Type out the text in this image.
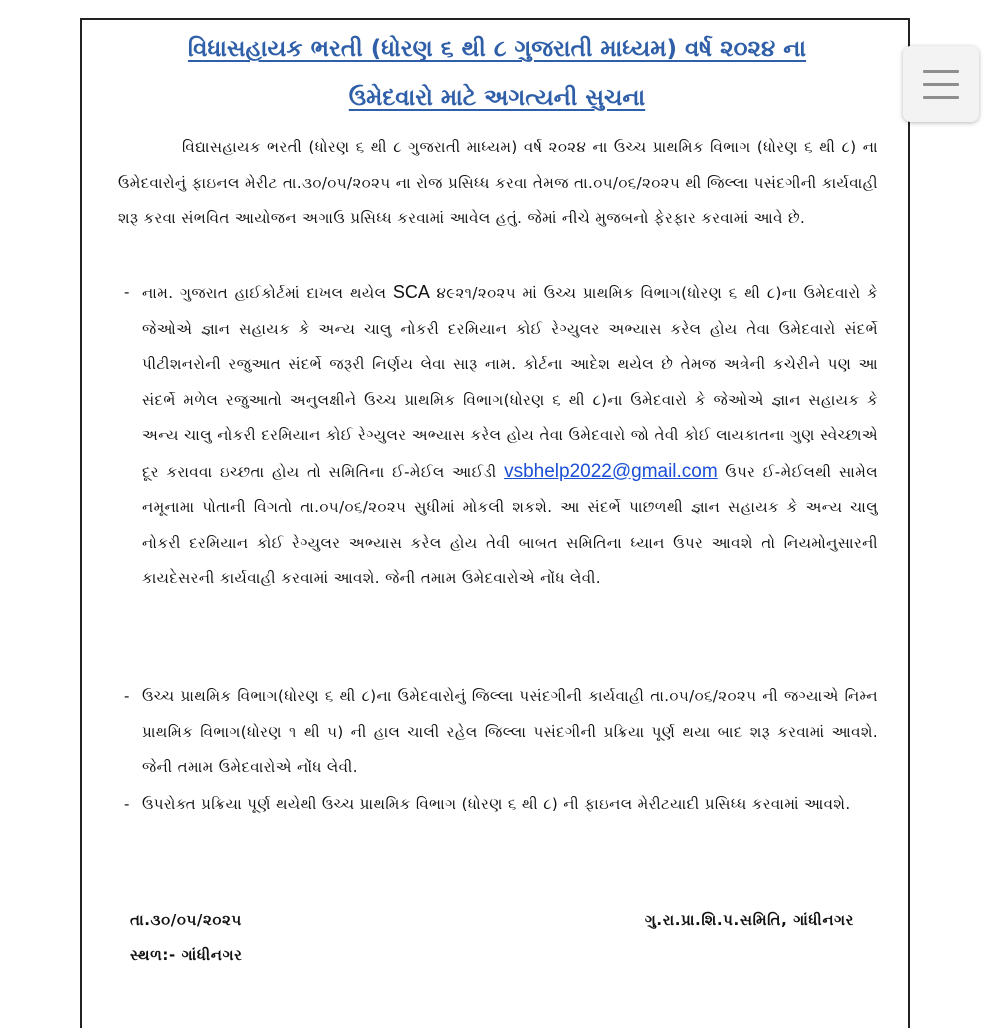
વિધાસહાયક ભરતી (ધોરણ ૬ થી ૮ ગુજરાતી માધ્યમ) વર્ષ ૨૦૨૪ ના
ઉમેદવારો માટે અગત્યની સુચના
વિદ્યાસહાયક ભરતી (ધોરણ ૬ થી ૮ ગુજરાતી માધ્યમ) વર્ષ ૨૦૨૪ ના ઉચ્ચ પ્રાથમિક વિભાગ (ધોરણ ૬ થી ૮) ના ઉમેદવારોનું ફાઇનલ મેરીટ તા.૩૦/૦૫/૨૦૨૫ ના રોજ પ્રસિધ્ધ કરવા તેમજ તા.૦૫/૦૬/૨૦૨૫ થી જિલ્લા પસંદગીની કાર્યવાહી શરૂ કરવા સંભવિત આયોજન અગાઉ પ્રસિધ્ધ કરવામાં આવેલ હતું. જેમાં નીચે મુજબનો ફેરફાર કરવામાં આવે છે.
- નામ. ગુજરાત હાઈકોર્ટમાં દાખલ થયેલ SCA ૪૯૨૧/૨૦૨૫ માં ઉચ્ચ પ્રાથમિક વિભાગ(ધોરણ ૬ થી ૮)ના ઉમેદવારો કે જેઓએ જ્ઞાન સહાયક કે અન્ય ચાલુ નોકરી દરમિયાન કોઈ રેગ્યુલર અભ્યાસ કરેલ હોય તેવા ઉમેદવારો સંદર્ભે પીટીશનરોની રજુઆત સંદર્ભે જરૂરી નિર્ણય લેવા સારૂ નામ. કોર્ટના આદેશ થયેલ છે તેમજ અત્રેની કચેરીને પણ આ સંદર્ભે મળેલ રજુઆતો અનુલક્ષીને ઉચ્ચ પ્રાથમિક વિભાગ(ધોરણ ૬ થી ૮)ના ઉમેદવારો કે જેઓએ જ્ઞાન સહાયક કે અન્ય ચાલુ નોકરી દરમિયાન કોઈ રેગ્યુલર અભ્યાસ કરેલ હોય તેવા ઉમેદવારો જો તેવી કોઈ લાયકાતના ગુણ સ્વેચ્છાએ દૂર કરાવવા ઇચ્છતા હોય તો સમિતિના ઈ-મેઈલ આઈડી vsbhelp2022@gmail.com ઉપર ઈ-મેઈલથી સામેલ નમૂનામા પોતાની વિગતો તા.૦૫/૦૬/૨૦૨૫ સુધીમાં મોકલી શકશે. આ સંદર્ભે પાછળથી જ્ઞાન સહાયક કે અન્ય ચાલુ નોકરી દરમિયાન કોઈ રેગ્યુલર અભ્યાસ કરેલ હોય તેવી બાબત સમિતિના ધ્યાન ઉપર આવશે તો નિયમોનુસારની કાયદેસરની કાર્યવાહી કરવામાં આવશે. જેની તમામ ઉમેદવારોએ નોંધ લેવી.
- ઉચ્ચ પ્રાથમિક વિભાગ(ધોરણ ૬ થી ૮)ના ઉમેદવારોનું જિલ્લા પસંદગીની કાર્યવાહી તા.૦૫/૦૬/૨૦૨૫ ની જગ્યાએ નિમ્ન પ્રાથમિક વિભાગ(ધોરણ ૧ થી ૫) ની હાલ ચાલી રહેલ જિલ્લા પસંદગીની પ્રક્રિયા પૂર્ણ થયા બાદ શરૂ કરવામાં આવશે. જેની તમામ ઉમેદવારોએ નોંધ લેવી.
- ઉપરોક્ત પ્રક્રિયા પૂર્ણ થયેથી ઉચ્ચ પ્રાથમિક વિભાગ (ધોરણ ૬ થી ૮) ની ફાઇનલ મેરીટયાદી પ્રસિધ્ધ કરવામાં આવશે.
તા.૩૦/૦૫/૨૦૨૫
સ્થળ:- ગાંધીનગર
ગુ.રા.પ્રા.શિ.પ.સમિતિ, ગાંધીનગર
